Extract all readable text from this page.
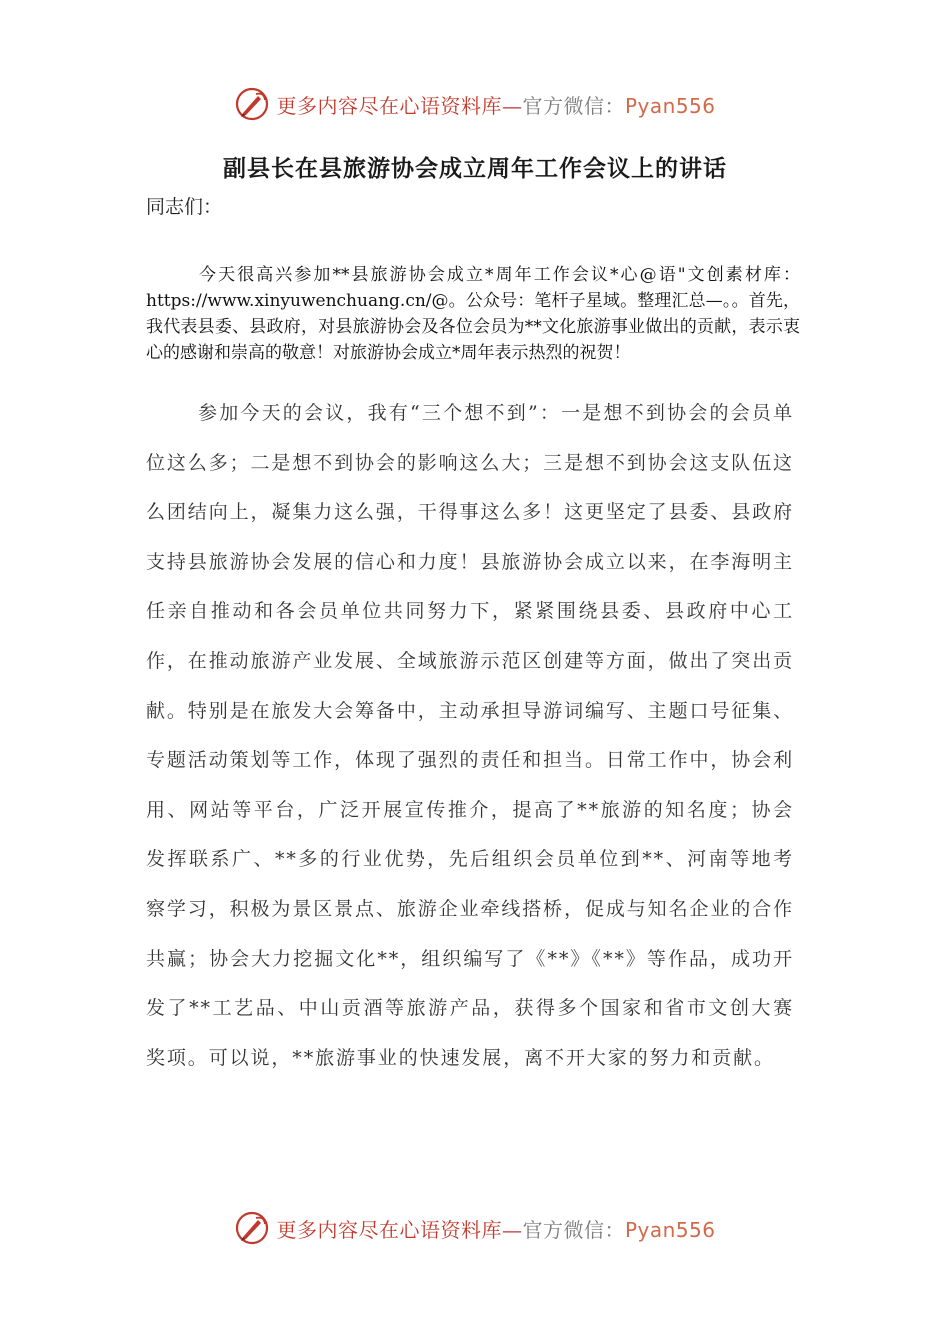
更多内容尽在心语资料库—官方微信：Pyan556
副县长在县旅游协会成立周年工作会议上的讲话
同志们：

今天很高兴参加**县旅游协会成立*周年工作会议*心@语"文创素材库：https://www.xinyuwenchuang.cn/@。公众号：笔杆子星域。整理汇总—。。首先，我代表县委、县政府，对县旅游协会及各位会员为**文化旅游事业做出的贡献，表示衷心的感谢和崇高的敬意！对旅游协会成立*周年表示热烈的祝贺！

参加今天的会议，我有“三个想不到”：一是想不到协会的会员单位这么多；二是想不到协会的影响这么大；三是想不到协会这支队伍这么团结向上，凝集力这么强，干得事这么多！这更坚定了县委、县政府支持县旅游协会发展的信心和力度！县旅游协会成立以来，在李海明主任亲自推动和各会员单位共同努力下，紧紧围绕县委、县政府中心工作，在推动旅游产业发展、全域旅游示范区创建等方面，做出了突出贡献。特别是在旅发大会筹备中，主动承担导游词编写、主题口号征集、专题活动策划等工作，体现了强烈的责任和担当。日常工作中，协会利用、网站等平台，广泛开展宣传推介，提高了**旅游的知名度；协会发挥联系广、**多的行业优势，先后组织会员单位到**、河南等地考察学习，积极为景区景点、旅游企业牵线搭桥，促成与知名企业的合作共赢；协会大力挖掘文化**，组织编写了《**》《**》等作品，成功开发了**工艺品、中山贡酒等旅游产品，获得多个国家和省市文创大赛奖项。可以说，**旅游事业的快速发展，离不开大家的努力和贡献。

更多内容尽在心语资料库—官方微信：Pyan556
